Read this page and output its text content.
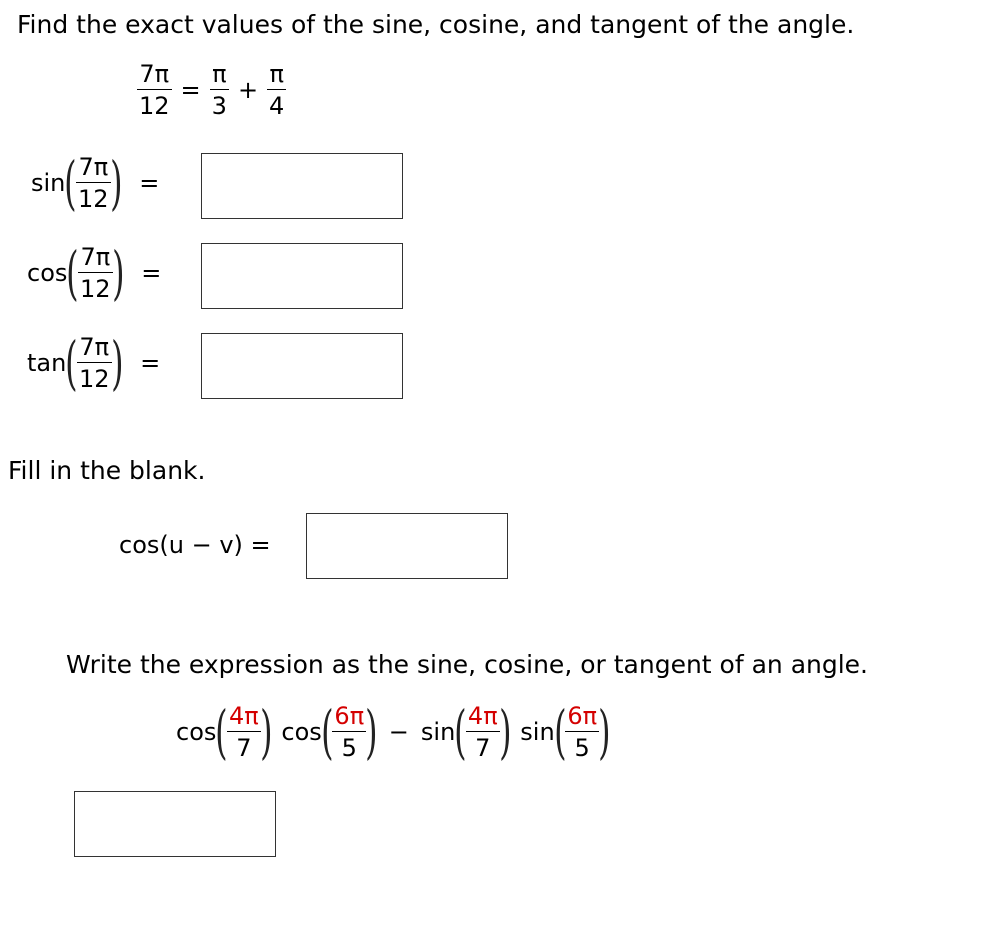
Find the exact values of the sine, cosine, and tangent of the angle.
$\frac{7\pi}{12} = \frac{\pi}{3} + \frac{\pi}{4}$
sin ( $\frac{7\pi}{12}$ ) =
cos ( $\frac{7\pi}{12}$ ) =
tan ( $\frac{7\pi}{12}$ ) =
Fill in the blank.
cos(u − v) =
Write the expression as the sine, cosine, or tangent of an angle.
cos ( $\frac{4\pi}{7}$ ) cos ( $\frac{6\pi}{5}$ ) − sin ( $\frac{4\pi}{7}$ ) sin ( $\frac{6\pi}{5}$ )
